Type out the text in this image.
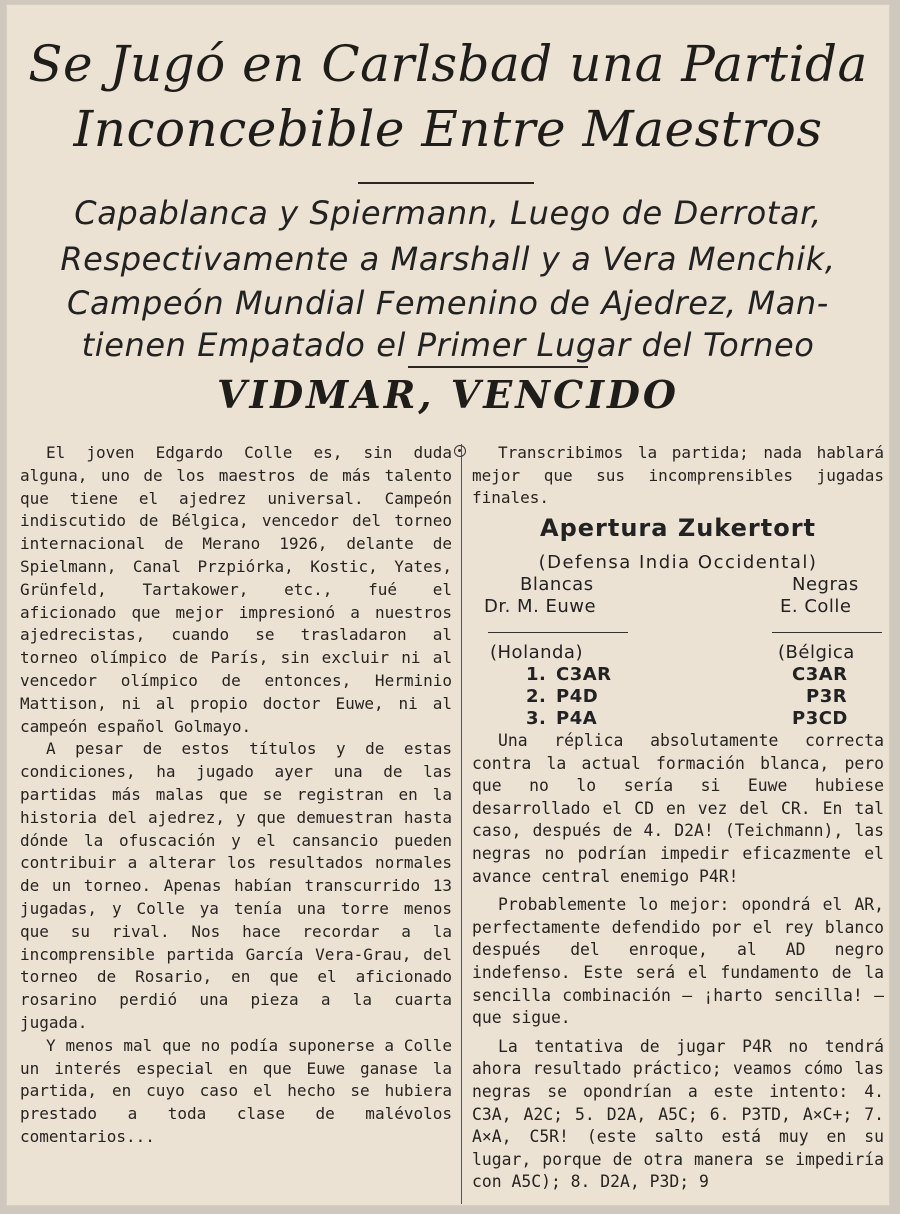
Se Jugó en Carlsbad una Partida
Inconcebible Entre Maestros

Capablanca y Spiermann, Luego de Derrotar,

Respectivamente a Marshall y a Vera Menchik,

Campeón Mundial Femenino de Ajedrez, Man-

tienen Empatado el Primer Lugar del Torneo

VIDMAR, VENCIDO

El joven Edgardo Colle es, sin duda alguna, uno de los maestros de más talento que tiene el ajedrez universal. Campeón indiscutido de Bélgica, vencedor del torneo internacional de Merano 1926, delante de Spielmann, Canal Przpiórka, Kostic, Yates, Grünfeld, Tartakower, etc., fué el aficionado que mejor impresionó a nuestros ajedrecistas, cuando se trasladaron al torneo olímpico de París, sin excluir ni al vencedor olímpico de entonces, Herminio Mattison, ni al propio doctor Euwe, ni al campeón español Golmayo.

A pesar de estos títulos y de estas condiciones, ha jugado ayer una de las partidas más malas que se registran en la historia del ajedrez, y que demuestran hasta dónde la ofuscación y el cansancio pueden contribuir a alterar los resultados normales de un torneo. Apenas habían transcurrido 13 jugadas, y Colle ya tenía una torre menos que su rival. Nos hace recordar a la incomprensible partida García Vera-Grau, del torneo de Rosario, en que el aficionado rosarino perdió una pieza a la cuarta jugada.

Y menos mal que no podía suponerse a Colle un interés especial en que Euwe ganase la partida, en cuyo caso el hecho se hubiera prestado a toda clase de malévolos comentarios...

Transcribimos la partida; nada hablará mejor que sus incomprensibles jugadas finales.

Apertura Zukertort
(Defensa India Occidental)
Blancas	Negras
Dr. M. Euwe	E. Colle
(Holanda)	(Bélgica
1. C3AR	C3AR
2. P4D	P3R
3. P4A	P3CD

Una réplica absolutamente correcta contra la actual formación blanca, pero que no lo sería si Euwe hubiese desarrollado el CD en vez del CR. En tal caso, después de 4. D2A! (Teichmann), las negras no podrían impedir eficazmente el avance central enemigo P4R!

Probablemente lo mejor: opondrá el AR, perfectamente defendido por el rey blanco después del enroque, al AD negro indefenso. Este será el fundamento de la sencilla combinación — ¡harto sencilla! — que sigue.

La tentativa de jugar P4R no tendrá ahora resultado práctico; veamos cómo las negras se opondrían a este intento: 4. C3A, A2C; 5. D2A, A5C; 6. P3TD, A×C+; 7. A×A, C5R! (este salto está muy en su lugar, porque de otra manera se impediría con A5C); 8. D2A, P3D; 9
